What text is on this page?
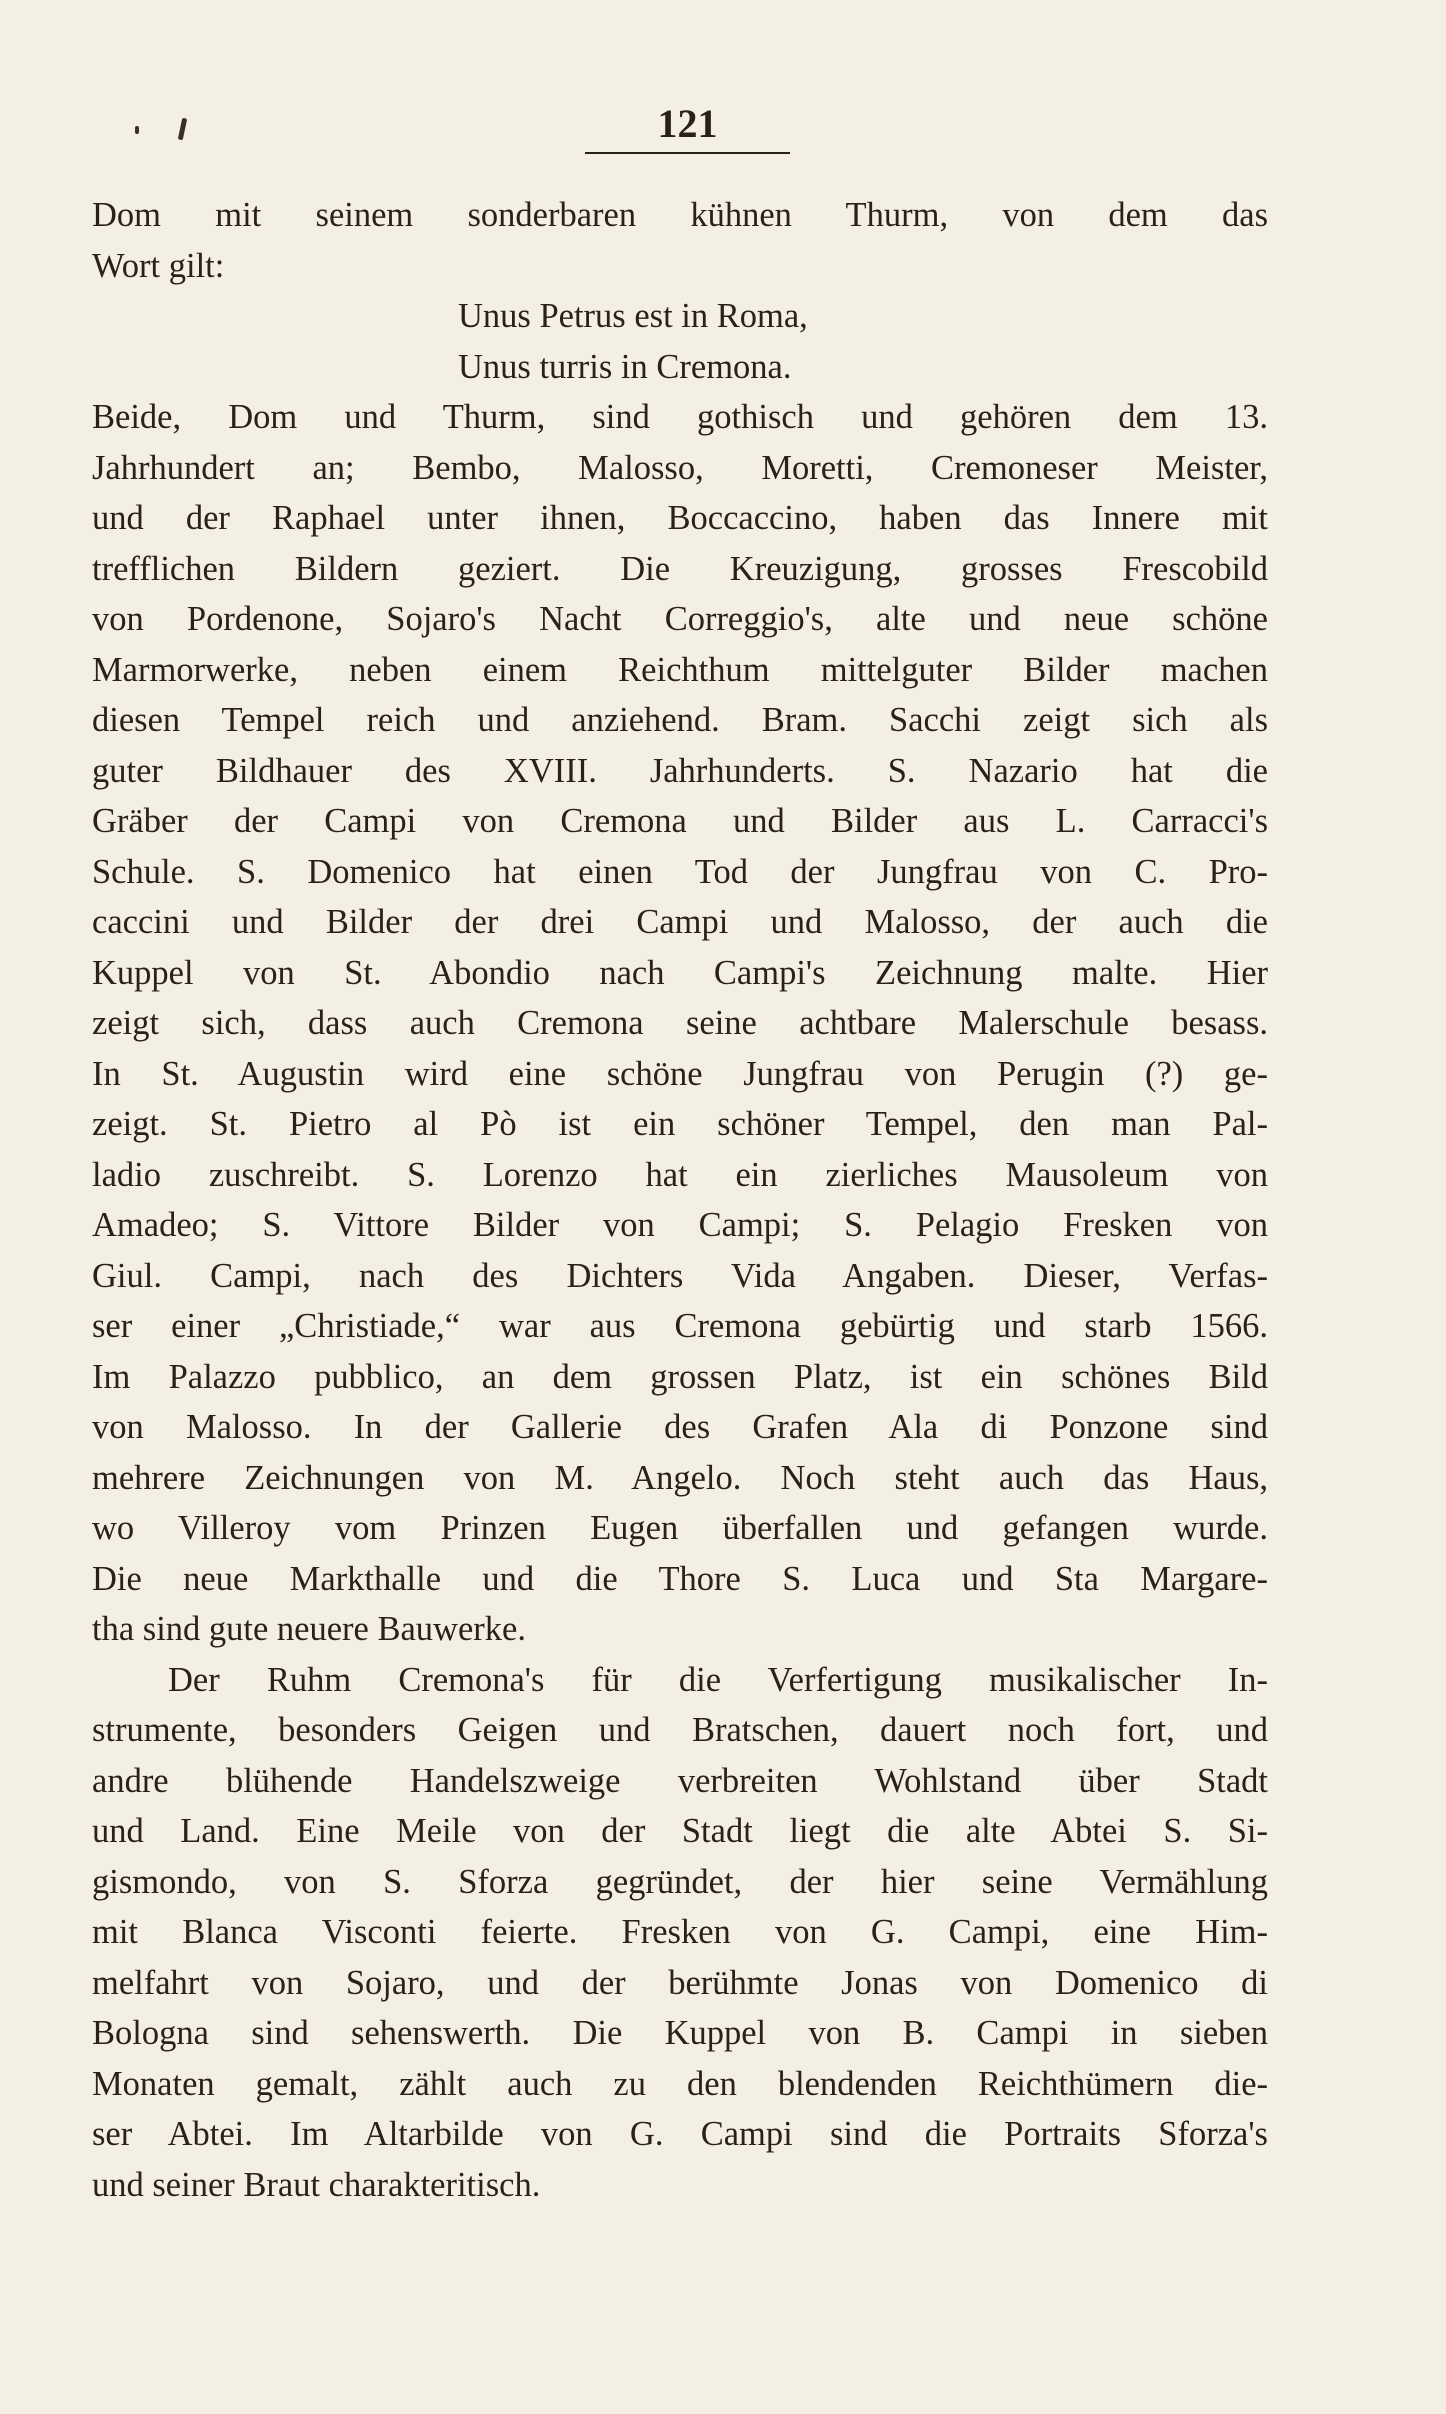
121
Dom mit seinem sonderbaren kühnen Thurm, von dem das
Wort gilt:
Unus Petrus est in Roma,
Unus turris in Cremona.
Beide, Dom und Thurm, sind gothisch und gehören dem 13.
Jahrhundert an; Bembo, Malosso, Moretti, Cremoneser Meister,
und der Raphael unter ihnen, Boccaccino, haben das Innere mit
trefflichen Bildern geziert. Die Kreuzigung, grosses Frescobild
von Pordenone, Sojaro's Nacht Correggio's, alte und neue schöne
Marmorwerke, neben einem Reichthum mittelguter Bilder machen
diesen Tempel reich und anziehend. Bram. Sacchi zeigt sich als
guter Bildhauer des XVIII. Jahrhunderts. S. Nazario hat die
Gräber der Campi von Cremona und Bilder aus L. Carracci's
Schule. S. Domenico hat einen Tod der Jungfrau von C. Pro-
caccini und Bilder der drei Campi und Malosso, der auch die
Kuppel von St. Abondio nach Campi's Zeichnung malte. Hier
zeigt sich, dass auch Cremona seine achtbare Malerschule besass.
In St. Augustin wird eine schöne Jungfrau von Perugin (?) ge-
zeigt. St. Pietro al Pò ist ein schöner Tempel, den man Pal-
ladio zuschreibt. S. Lorenzo hat ein zierliches Mausoleum von
Amadeo; S. Vittore Bilder von Campi; S. Pelagio Fresken von
Giul. Campi, nach des Dichters Vida Angaben. Dieser, Verfas-
ser einer „Christiade,“ war aus Cremona gebürtig und starb 1566.
Im Palazzo pubblico, an dem grossen Platz, ist ein schönes Bild
von Malosso. In der Gallerie des Grafen Ala di Ponzone sind
mehrere Zeichnungen von M. Angelo. Noch steht auch das Haus,
wo Villeroy vom Prinzen Eugen überfallen und gefangen wurde.
Die neue Markthalle und die Thore S. Luca und Sta Margare-
tha sind gute neuere Bauwerke.
Der Ruhm Cremona's für die Verfertigung musikalischer In-
strumente, besonders Geigen und Bratschen, dauert noch fort, und
andre blühende Handelszweige verbreiten Wohlstand über Stadt
und Land. Eine Meile von der Stadt liegt die alte Abtei S. Si-
gismondo, von S. Sforza gegründet, der hier seine Vermählung
mit Blanca Visconti feierte. Fresken von G. Campi, eine Him-
melfahrt von Sojaro, und der berühmte Jonas von Domenico di
Bologna sind sehenswerth. Die Kuppel von B. Campi in sieben
Monaten gemalt, zählt auch zu den blendenden Reichthümern die-
ser Abtei. Im Altarbilde von G. Campi sind die Portraits Sforza's
und seiner Braut charakteritisch.
